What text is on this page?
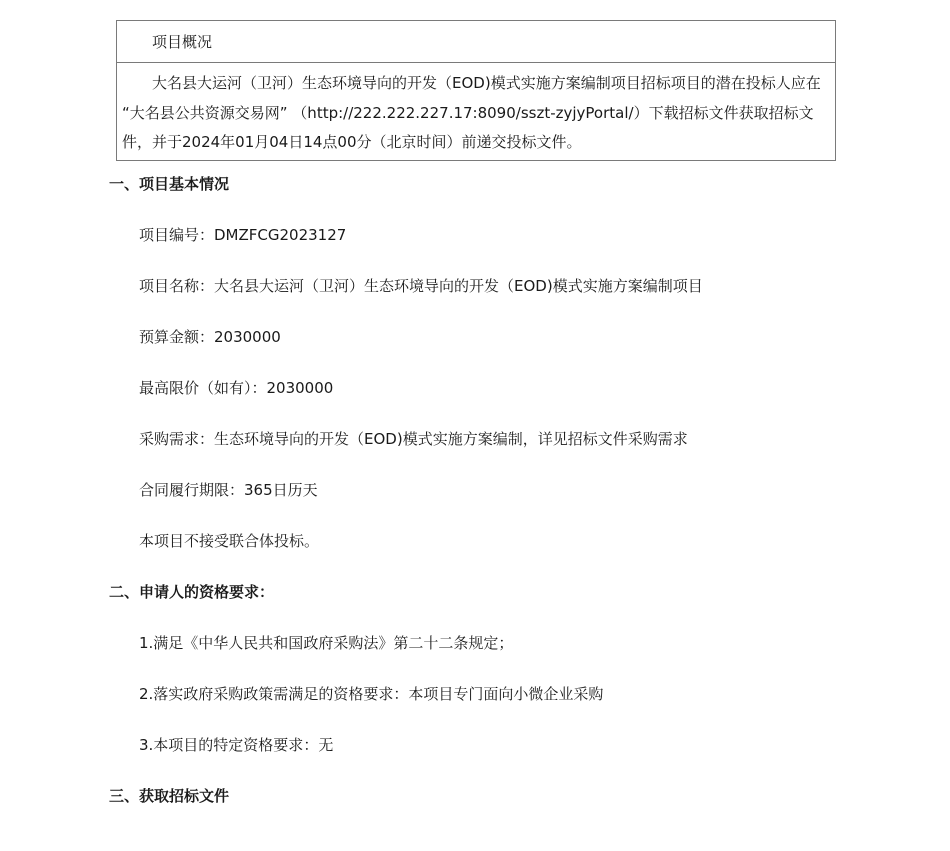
项目概况
大名县大运河（卫河）生态环境导向的开发（EOD)模式实施方案编制项目招标项目的潜在投标人应在
“大名县公共资源交易网” （http://222.222.227.17:8090/sszt-zyjyPortal/）下载招标文件获取招标文
件，并于2024年01月04日14点00分（北京时间）前递交投标文件。
一、项目基本情况
项目编号：DMZFCG2023127
项目名称：大名县大运河（卫河）生态环境导向的开发（EOD)模式实施方案编制项目
预算金额：2030000
最高限价（如有）：2030000
采购需求：生态环境导向的开发（EOD)模式实施方案编制，详见招标文件采购需求
合同履行期限：365日历天
本项目不接受联合体投标。
二、申请人的资格要求：
1.满足《中华人民共和国政府采购法》第二十二条规定；
2.落实政府采购政策需满足的资格要求：本项目专门面向小微企业采购
3.本项目的特定资格要求：无
三、获取招标文件
